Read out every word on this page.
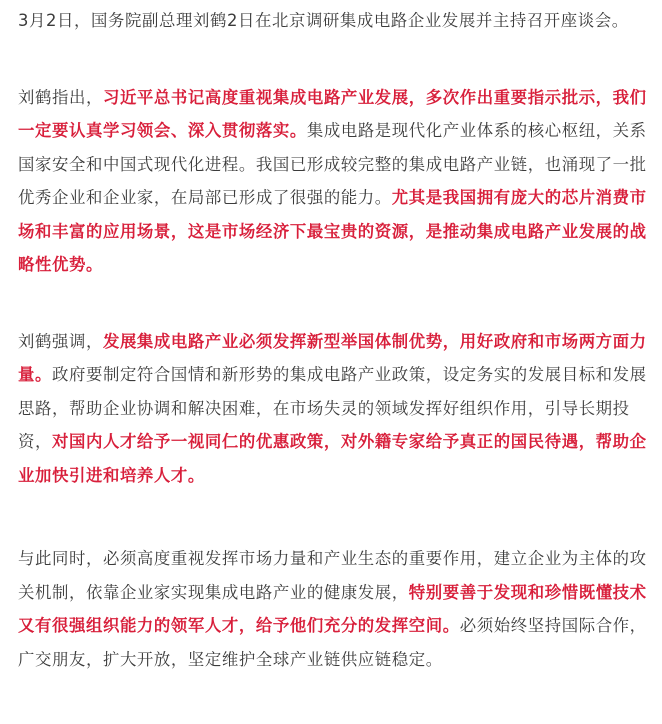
3月2日，国务院副总理刘鹤2日在北京调研集成电路企业发展并主持召开座谈会。

刘鹤指出，习近平总书记高度重视集成电路产业发展，多次作出重要指示批示，我们一定要认真学习领会、深入贯彻落实。集成电路是现代化产业体系的核心枢纽，关系国家安全和中国式现代化进程。我国已形成较完整的集成电路产业链，也涌现了一批优秀企业和企业家，在局部已形成了很强的能力。尤其是我国拥有庞大的芯片消费市场和丰富的应用场景，这是市场经济下最宝贵的资源，是推动集成电路产业发展的战略性优势。

刘鹤强调，发展集成电路产业必须发挥新型举国体制优势，用好政府和市场两方面力量。政府要制定符合国情和新形势的集成电路产业政策，设定务实的发展目标和发展思路，帮助企业协调和解决困难，在市场失灵的领域发挥好组织作用，引导长期投资，对国内人才给予一视同仁的优惠政策，对外籍专家给予真正的国民待遇，帮助企业加快引进和培养人才。

与此同时，必须高度重视发挥市场力量和产业生态的重要作用，建立企业为主体的攻关机制，依靠企业家实现集成电路产业的健康发展，特别要善于发现和珍惜既懂技术又有很强组织能力的领军人才，给予他们充分的发挥空间。必须始终坚持国际合作，广交朋友，扩大开放，坚定维护全球产业链供应链稳定。
